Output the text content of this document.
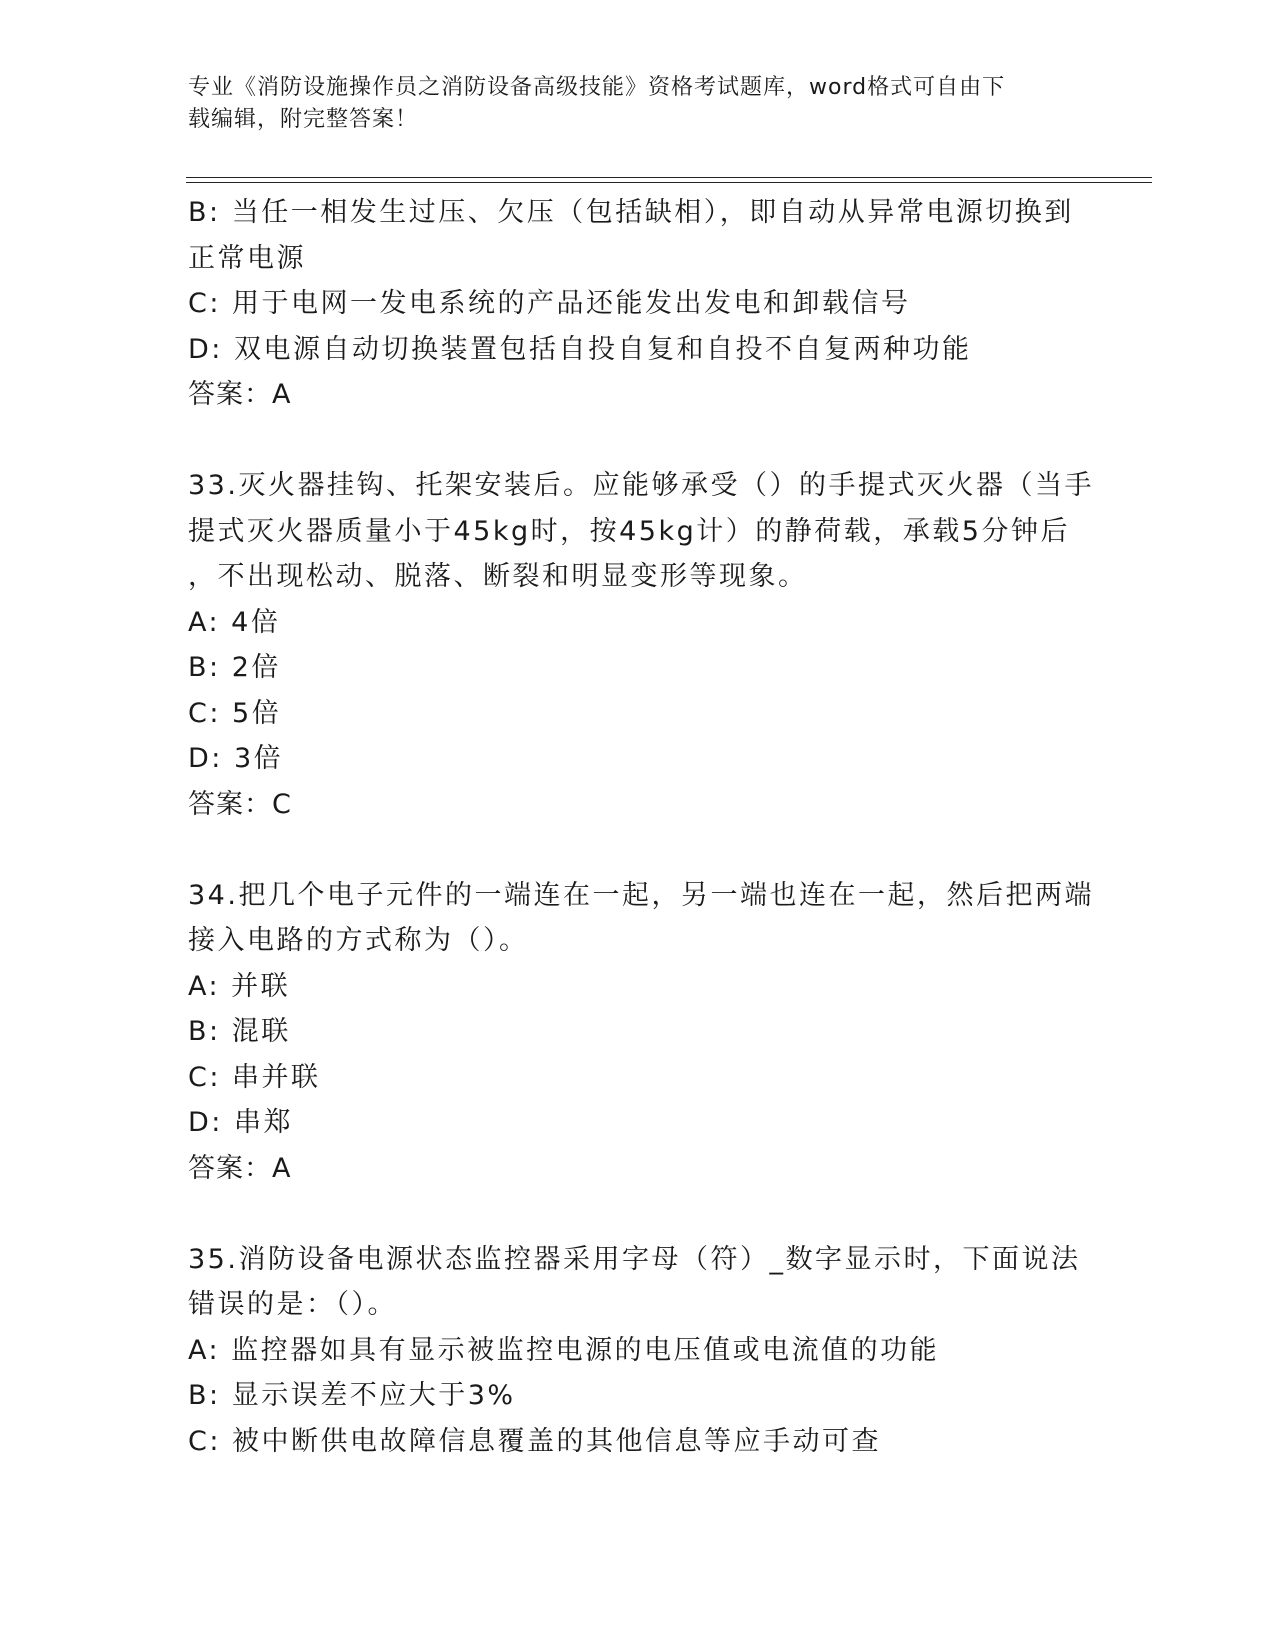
专业《消防设施操作员之消防设备高级技能》资格考试题库，word格式可自由下
载编辑，附完整答案！
B: 当任一相发生过压、欠压（包括缺相），即自动从异常电源切换到
正常电源
C: 用于电网一发电系统的产品还能发出发电和卸载信号
D: 双电源自动切换装置包括自投自复和自投不自复两种功能
答案：A
33.灭火器挂钩、托架安装后。应能够承受（）的手提式灭火器（当手
提式灭火器质量小于45kg时，按45kg计）的静荷载，承载5分钟后
，不出现松动、脱落、断裂和明显变形等现象。
A: 4倍
B: 2倍
C: 5倍
D: 3倍
答案：C
34.把几个电子元件的一端连在一起，另一端也连在一起，然后把两端
接入电路的方式称为（）。
A: 并联
B: 混联
C: 串并联
D: 串郑
答案：A
35.消防设备电源状态监控器采用字母（符）_数字显示时，下面说法
错误的是：（）。
A: 监控器如具有显示被监控电源的电压值或电流值的功能
B: 显示误差不应大于3%
C: 被中断供电故障信息覆盖的其他信息等应手动可查
